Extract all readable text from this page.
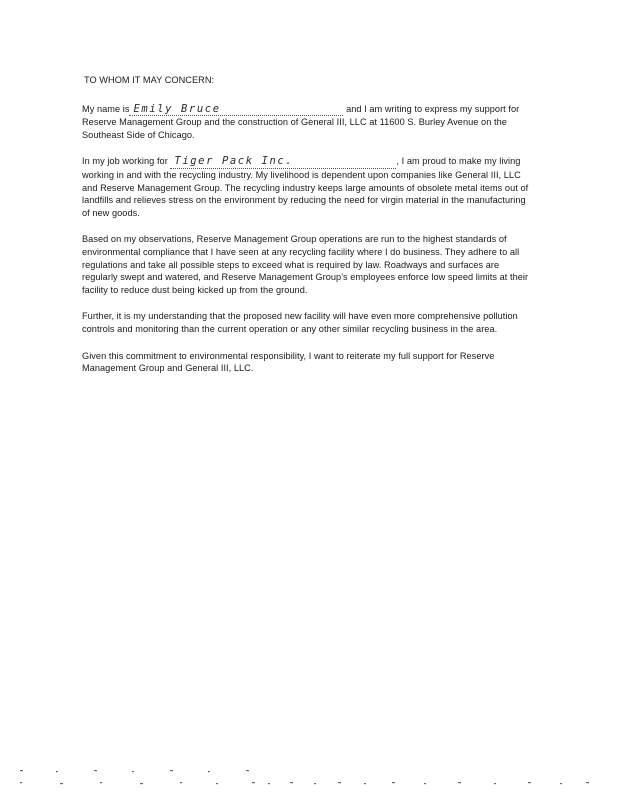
TO WHOM IT MAY CONCERN:

My name is Emily Bruce	and I am writing to express my support for Reserve Management Group and the construction of General III, LLC at 11600 S. Burley Avenue on the Southeast Side of Chicago.

In my job working for Tiger Pack Inc.	, I am proud to make my living working in and with the recycling industry. My livelihood is dependent upon companies like General III, LLC and Reserve Management Group. The recycling industry keeps large amounts of obsolete metal items out of landfills and relieves stress on the environment by reducing the need for virgin material in the manufacturing of new goods.

Based on my observations, Reserve Management Group operations are run to the highest standards of environmental compliance that I have seen at any recycling facility where I do business. They adhere to all regulations and take all possible steps to exceed what is required by law. Roadways and surfaces are regularly swept and watered, and Reserve Management Group's employees enforce low speed limits at their facility to reduce dust being kicked up from the ground.

Further, it is my understanding that the proposed new facility will have even more comprehensive pollution controls and monitoring than the current operation or any other similar recycling business in the area.

Given this commitment to environmental responsibility, I want to reiterate my full support for Reserve Management Group and General III, LLC.
